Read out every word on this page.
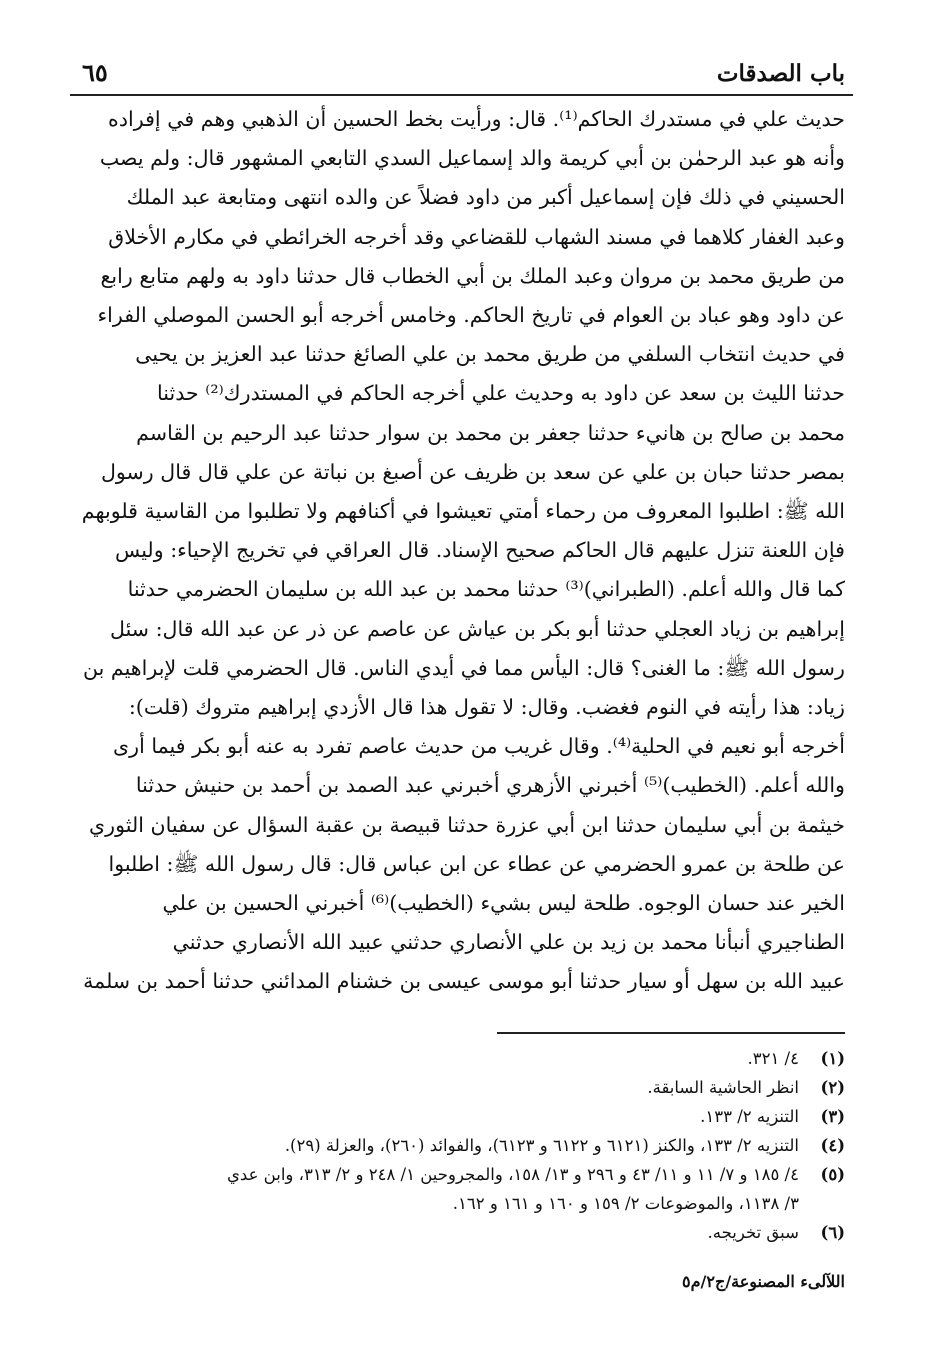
باب الصدقات
٦٥
حديث علي في مستدرك الحاكم⁽¹⁾. قال: ورأيت بخط الحسين أن الذهبي وهم في إفراده
وأنه هو عبد الرحمٰن بن أبي كريمة والد إسماعيل السدي التابعي المشهور قال: ولم يصب
الحسيني في ذلك فإن إسماعيل أكبر من داود فضلاً عن والده انتهى ومتابعة عبد الملك
وعبد الغفار كلاهما في مسند الشهاب للقضاعي وقد أخرجه الخرائطي في مكارم الأخلاق
من طريق محمد بن مروان وعبد الملك بن أبي الخطاب قال حدثنا داود به ولهم متابع رابع
عن داود وهو عباد بن العوام في تاريخ الحاكم. وخامس أخرجه أبو الحسن الموصلي الفراء
في حديث انتخاب السلفي من طريق محمد بن علي الصائغ حدثنا عبد العزيز بن يحيى
حدثنا الليث بن سعد عن داود به وحديث علي أخرجه الحاكم في المستدرك⁽²⁾ حدثنا
محمد بن صالح بن هانيء حدثنا جعفر بن محمد بن سوار حدثنا عبد الرحيم بن القاسم
بمصر حدثنا حبان بن علي عن سعد بن ظريف عن أصبغ بن نباتة عن علي قال قال رسول
الله ﷺ: اطلبوا المعروف من رحماء أمتي تعيشوا في أكنافهم ولا تطلبوا من القاسية قلوبهم
فإن اللعنة تنزل عليهم قال الحاكم صحيح الإسناد. قال العراقي في تخريج الإحياء: وليس
كما قال والله أعلم. (الطبراني)⁽³⁾ حدثنا محمد بن عبد الله بن سليمان الحضرمي حدثنا
إبراهيم بن زياد العجلي حدثنا أبو بكر بن عياش عن عاصم عن ذر عن عبد الله قال: سئل
رسول الله ﷺ: ما الغنى؟ قال: اليأس مما في أيدي الناس. قال الحضرمي قلت لإبراهيم بن
زياد: هذا رأيته في النوم فغضب. وقال: لا تقول هذا قال الأزدي إبراهيم متروك (قلت):
أخرجه أبو نعيم في الحلية⁽⁴⁾. وقال غريب من حديث عاصم تفرد به عنه أبو بكر فيما أرى
والله أعلم. (الخطيب)⁽⁵⁾ أخبرني الأزهري أخبرني عبد الصمد بن أحمد بن حنيش حدثنا
خيثمة بن أبي سليمان حدثنا ابن أبي عزرة حدثنا قبيصة بن عقبة السؤال عن سفيان الثوري
عن طلحة بن عمرو الحضرمي عن عطاء عن ابن عباس قال: قال رسول الله ﷺ: اطلبوا
الخير عند حسان الوجوه. طلحة ليس بشيء (الخطيب)⁽⁶⁾ أخبرني الحسين بن علي
الطناجيري أنبأنا محمد بن زيد بن علي الأنصاري حدثني عبيد الله الأنصاري حدثني
عبيد الله بن سهل أو سيار حدثنا أبو موسى عيسى بن خشنام المدائني حدثنا أحمد بن سلمة
(١)
٤/ ٣٢١.
(٢)
انظر الحاشية السابقة.
(٣)
التنزيه ٢/ ١٣٣.
(٤)
التنزيه ٢/ ١٣٣، والكنز (٦١٢١ و ٦١٢٢ و ٦١٢٣)، والفوائد (٢٦٠)، والعزلة (٢٩).
(٥)
٤/ ١٨٥ و ٧/ ١١ و ١١/ ٤٣ و ٢٩٦ و ١٣/ ١٥٨، والمجروحين ١/ ٢٤٨ و ٢/ ٣١٣، وابن عدي
٣/ ١١٣٨، والموضوعات ٢/ ١٥٩ و ١٦٠ و ١٦١ و ١٦٢.
(٦)
سبق تخريجه.
اللآلىء المصنوعة/ج٢/م٥
